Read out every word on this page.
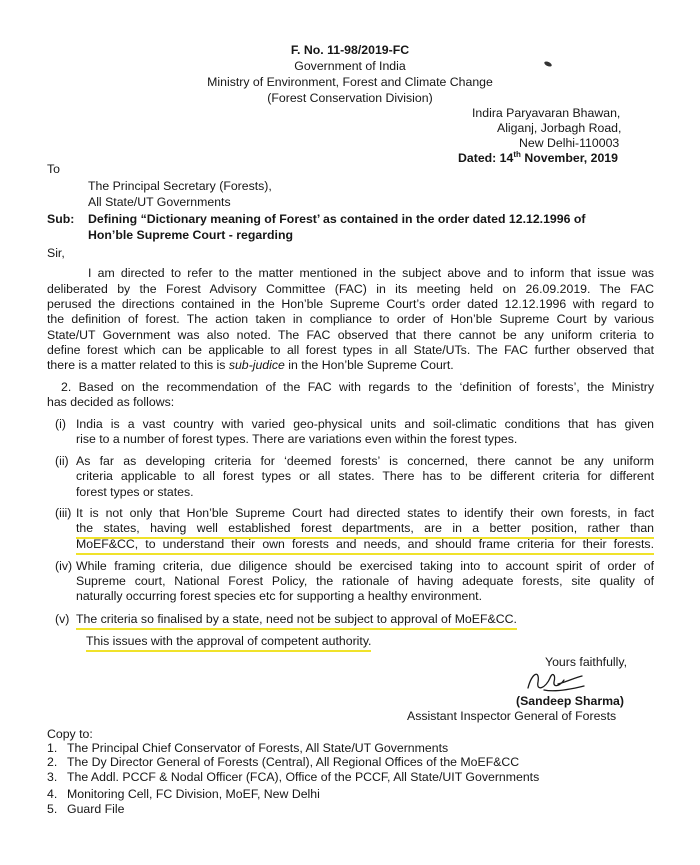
F. No. 11-98/2019-FC
Government of India
Ministry of Environment, Forest and Climate Change
(Forest Conservation Division)
Indira Paryavaran Bhawan,
Aliganj, Jorbagh Road,
New Delhi-110003
Dated: 14th November, 2019
To
The Principal Secretary (Forests),
All State/UT Governments
Sub: Defining “Dictionary meaning of Forest’ as contained in the order dated 12.12.1996 of
Hon’ble Supreme Court - regarding
Sir,
I am directed to refer to the matter mentioned in the subject above and to inform that issue was
deliberated by the Forest Advisory Committee (FAC) in its meeting held on 26.09.2019. The FAC
perused the directions contained in the Hon’ble Supreme Court’s order dated 12.12.1996 with regard to
the definition of forest. The action taken in compliance to order of Hon’ble Supreme Court by various
State/UT Government was also noted. The FAC observed that there cannot be any uniform criteria to
define forest which can be applicable to all forest types in all State/UTs. The FAC further observed that
there is a matter related to this is sub-judice in the Hon’ble Supreme Court.
2. Based on the recommendation of the FAC with regards to the ‘definition of forests’, the Ministry
has decided as follows:
(i) India is a vast country with varied geo-physical units and soil-climatic conditions that has given
rise to a number of forest types. There are variations even within the forest types.
(ii) As far as developing criteria for ‘deemed forests’ is concerned, there cannot be any uniform
criteria applicable to all forest types or all states. There has to be different criteria for different
forest types or states.
(iii) It is not only that Hon’ble Supreme Court had directed states to identify their own forests, in fact
the states, having well established forest departments, are in a better position, rather than
MoEF&CC, to understand their own forests and needs, and should frame criteria for their forests.
(iv) While framing criteria, due diligence should be exercised taking into to account spirit of order of
Supreme court, National Forest Policy, the rationale of having adequate forests, site quality of
naturally occurring forest species etc for supporting a healthy environment.
(v) The criteria so finalised by a state, need not be subject to approval of MoEF&CC.
This issues with the approval of competent authority.
Yours faithfully,
(Sandeep Sharma)
Assistant Inspector General of Forests
Copy to:
1. The Principal Chief Conservator of Forests, All State/UT Governments
2. The Dy Director General of Forests (Central), All Regional Offices of the MoEF&CC
3. The Addl. PCCF & Nodal Officer (FCA), Office of the PCCF, All State/UIT Governments
4. Monitoring Cell, FC Division, MoEF, New Delhi
5. Guard File
